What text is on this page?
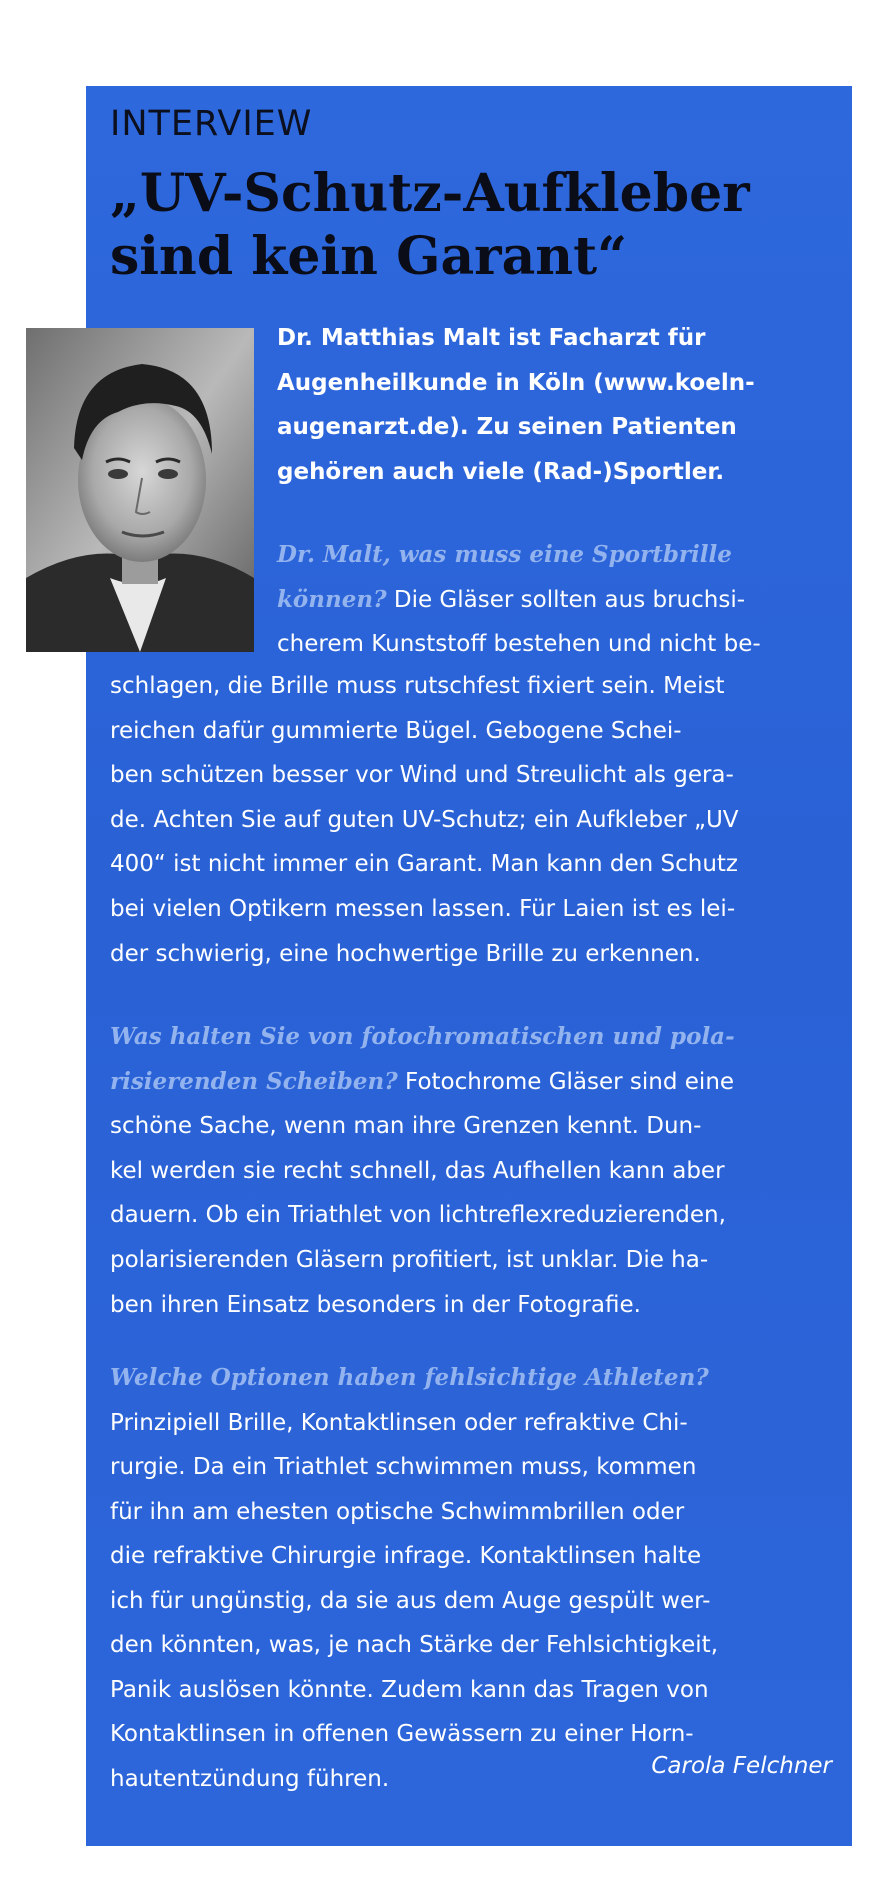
INTERVIEW
„UV-Schutz-Aufkleber
sind kein Garant“

Dr. Matthias Malt ist Facharzt für
Augenheilkunde in Köln (www.koeln-
augenarzt.de). Zu seinen Patienten
gehören auch viele (Rad-)Sportler.

Dr. Malt, was muss eine Sportbrille
können? Die Gläser sollten aus bruchsi-
cherem Kunststoff bestehen und nicht be-

schlagen, die Brille muss rutschfest fixiert sein. Meist
reichen dafür gummierte Bügel. Gebogene Schei-
ben schützen besser vor Wind und Streulicht als gera-
de. Achten Sie auf guten UV-Schutz; ein Aufkleber „UV
400“ ist nicht immer ein Garant. Man kann den Schutz
bei vielen Optikern messen lassen. Für Laien ist es lei-
der schwierig, eine hochwertige Brille zu erkennen.

Was halten Sie von fotochromatischen und pola-
risierenden Scheiben? Fotochrome Gläser sind eine
schöne Sache, wenn man ihre Grenzen kennt. Dun-
kel werden sie recht schnell, das Aufhellen kann aber
dauern. Ob ein Triathlet von lichtreflexreduzierenden,
polarisierenden Gläsern profitiert, ist unklar. Die ha-
ben ihren Einsatz besonders in der Fotografie.

Welche Optionen haben fehlsichtige Athleten?
Prinzipiell Brille, Kontaktlinsen oder refraktive Chi-
rurgie. Da ein Triathlet schwimmen muss, kommen
für ihn am ehesten optische Schwimmbrillen oder
die refraktive Chirurgie infrage. Kontaktlinsen halte
ich für ungünstig, da sie aus dem Auge gespült wer-
den könnten, was, je nach Stärke der Fehlsichtigkeit,
Panik auslösen könnte. Zudem kann das Tragen von
Kontaktlinsen in offenen Gewässern zu einer Horn-
hautentzündung führen.	Carola Felchner
